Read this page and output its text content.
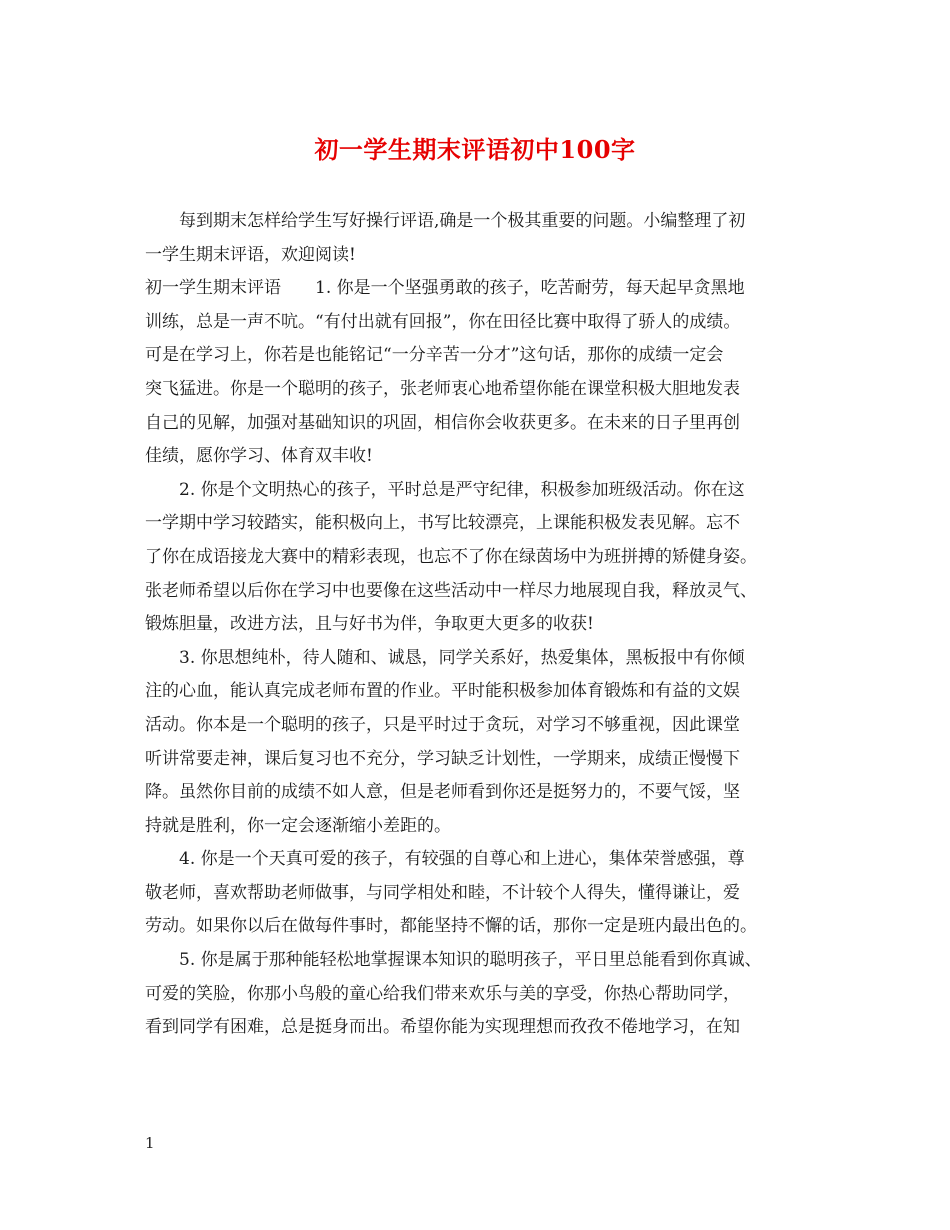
初一学生期末评语初中100字
每到期末怎样给学生写好操行评语,确是一个极其重要的问题。小编整理了初
一学生期末评语，欢迎阅读!
初一学生期末评语　　1. 你是一个坚强勇敢的孩子，吃苦耐劳，每天起早贪黑地
训练，总是一声不吭。“有付出就有回报”，你在田径比赛中取得了骄人的成绩。
可是在学习上，你若是也能铭记“一分辛苦一分才”这句话，那你的成绩一定会
突飞猛进。你是一个聪明的孩子，张老师衷心地希望你能在课堂积极大胆地发表
自己的见解，加强对基础知识的巩固，相信你会收获更多。在未来的日子里再创
佳绩，愿你学习、体育双丰收!
2. 你是个文明热心的孩子，平时总是严守纪律，积极参加班级活动。你在这
一学期中学习较踏实，能积极向上，书写比较漂亮，上课能积极发表见解。忘不
了你在成语接龙大赛中的精彩表现，也忘不了你在绿茵场中为班拼搏的矫健身姿。
张老师希望以后你在学习中也要像在这些活动中一样尽力地展现自我，释放灵气、
锻炼胆量，改进方法，且与好书为伴，争取更大更多的收获!
3. 你思想纯朴，待人随和、诚恳，同学关系好，热爱集体，黑板报中有你倾
注的心血，能认真完成老师布置的作业。平时能积极参加体育锻炼和有益的文娱
活动。你本是一个聪明的孩子，只是平时过于贪玩，对学习不够重视，因此课堂
听讲常要走神，课后复习也不充分，学习缺乏计划性，一学期来，成绩正慢慢下
降。虽然你目前的成绩不如人意，但是老师看到你还是挺努力的，不要气馁，坚
持就是胜利，你一定会逐渐缩小差距的。
4. 你是一个天真可爱的孩子，有较强的自尊心和上进心，集体荣誉感强，尊
敬老师，喜欢帮助老师做事，与同学相处和睦，不计较个人得失，懂得谦让，爱
劳动。如果你以后在做每件事时，都能坚持不懈的话，那你一定是班内最出色的。
5. 你是属于那种能轻松地掌握课本知识的聪明孩子，平日里总能看到你真诚、
可爱的笑脸，你那小鸟般的童心给我们带来欢乐与美的享受，你热心帮助同学，
看到同学有困难，总是挺身而出。希望你能为实现理想而孜孜不倦地学习，在知
1
